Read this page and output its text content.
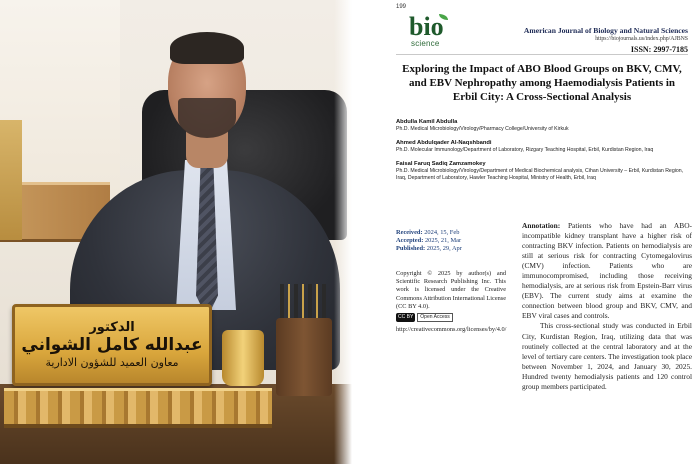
الدكتور
عبدالله كامل الشواني
معاون العميد للشؤون الادارية
199
bio
science
American Journal of Biology and Natural Sciences
https://biojournals.us/index.php/AJBNS
ISSN: 2997-7185
Exploring the Impact of ABO Blood Groups on BKV, CMV, and EBV Nephropathy among Haemodialysis Patients in Erbil City: A Cross-Sectional Analysis
Abdulla Kamil Abdulla
Ph.D. Medical Microbiology/Virology/Pharmacy College/University of Kirkuk
Ahmed Abdulqader Al-Naqshbandi
Ph.D. Molecular Immunology/Department of Laboratory, Rizgary Teaching Hospital, Erbil, Kurdistan Region, Iraq
Faisal Faruq Sadiq Zamzamokey
Ph.D. Medical Microbiology/Virology/Department of Medical Biochemical analysis, Cihan University – Erbil, Kurdistan Region, Iraq, Department of Laboratory, Hawler Teaching Hospital, Ministry of Health, Erbil, Iraq
Received: 2024, 15, Feb
Accepted: 2025, 21, Mar
Published: 2025, 29, Apr
Copyright © 2025 by author(s) and Scientific Research Publishing Inc. This work is licensed under the Creative Commons Attribution International License (CC BY 4.0).
CC BY	Open Access
http://creativecommons.org/licenses/by/4.0/

Annotation: Patients who have had an ABO-incompatible kidney transplant have a higher risk of contracting BKV infection. Patients on hemodialysis are still at serious risk for contracting Cytomegalovirus (CMV) infection. Patients who are immunocompromised, including those receiving hemodialysis, are at serious risk from Epstein-Barr virus (EBV). The current study aims at examine the connection between blood group and BKV, CMV, and EBV viral cases and controls.

This cross-sectional study was conducted in Erbil City, Kurdistan Region, Iraq, utilizing data that was routinely collected at the central laboratory and at the level of tertiary care centers. The investigation took place between November 1, 2024, and January 30, 2025. Hundred twenty hemodialysis patients and 120 control group members participated.
